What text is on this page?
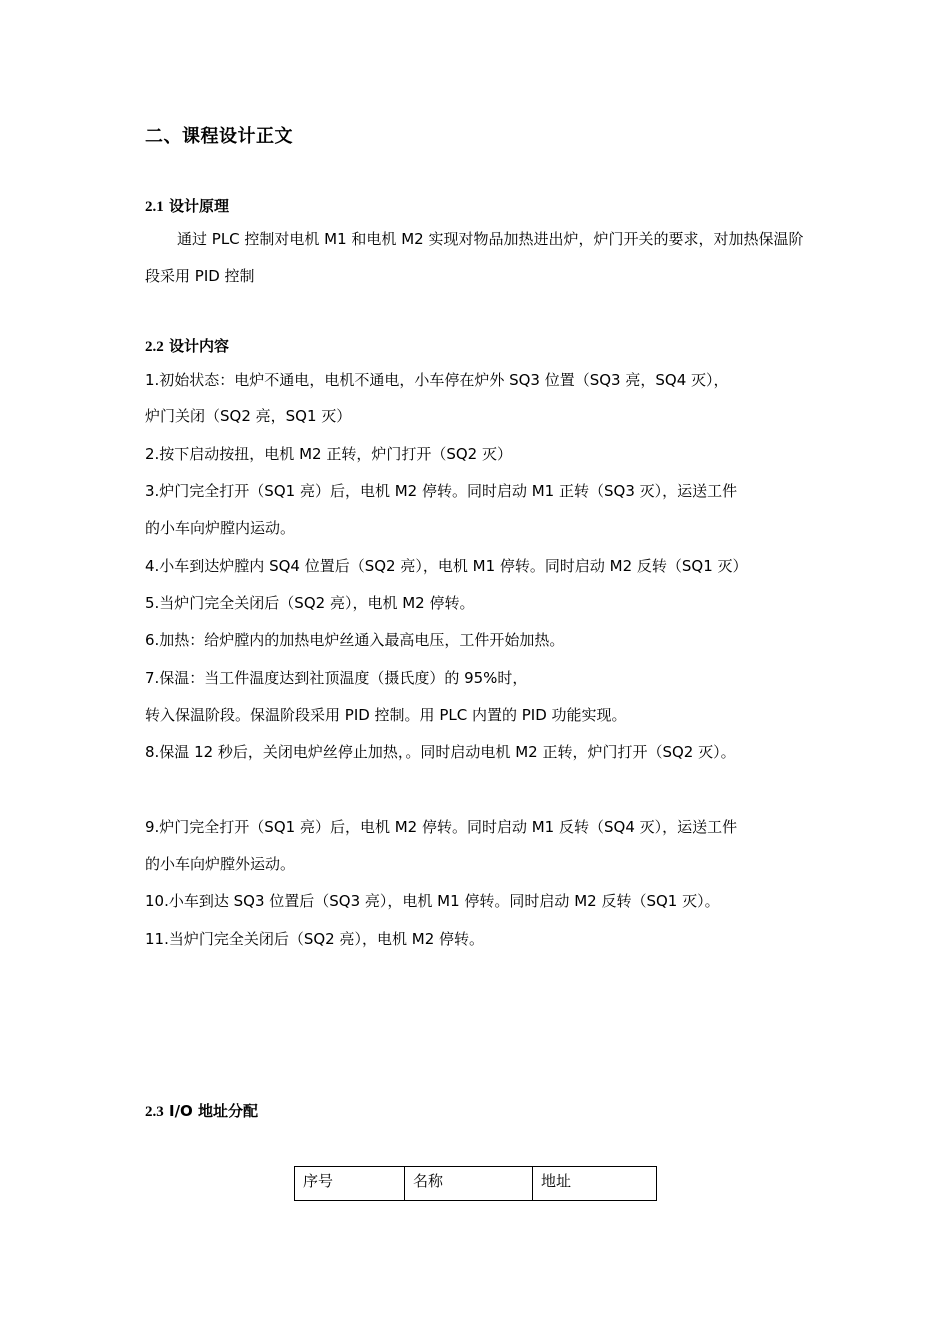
二、课程设计正文
2.1 设计原理

通过 PLC 控制对电机 M1 和电机 M2 实现对物品加热进出炉，炉门开关的要求，对加热保温阶段采用 PID 控制

2.2 设计内容
1.初始状态：电炉不通电，电机不通电，小车停在炉外 SQ3 位置（SQ3 亮，SQ4 灭），
炉门关闭（SQ2 亮，SQ1 灭）
2.按下启动按扭，电机 M2 正转，炉门打开（SQ2 灭）
3.炉门完全打开（SQ1 亮）后，电机 M2 停转。同时启动 M1 正转（SQ3 灭），运送工件
的小车向炉膛内运动。
4.小车到达炉膛内 SQ4 位置后（SQ2 亮），电机 M1 停转。同时启动 M2 反转（SQ1 灭）
5.当炉门完全关闭后（SQ2 亮），电机 M2 停转。
6.加热：给炉膛内的加热电炉丝通入最高电压，工件开始加热。
7.保温：当工件温度达到社顶温度（摄氏度）的 95%时，
转入保温阶段。保温阶段采用 PID 控制。用 PLC 内置的 PID 功能实现。
8.保温 12 秒后，关闭电炉丝停止加热，。同时启动电机 M2 正转，炉门打开（SQ2 灭）。
9.炉门完全打开（SQ1 亮）后，电机 M2 停转。同时启动 M1 反转（SQ4 灭），运送工件
的小车向炉膛外运动。
10.小车到达 SQ3 位置后（SQ3 亮），电机 M1 停转。同时启动 M2 反转（SQ1 灭）。
11.当炉门完全关闭后（SQ2 亮），电机 M2 停转。
2.3 I/O 地址分配
序号	名称	地址
